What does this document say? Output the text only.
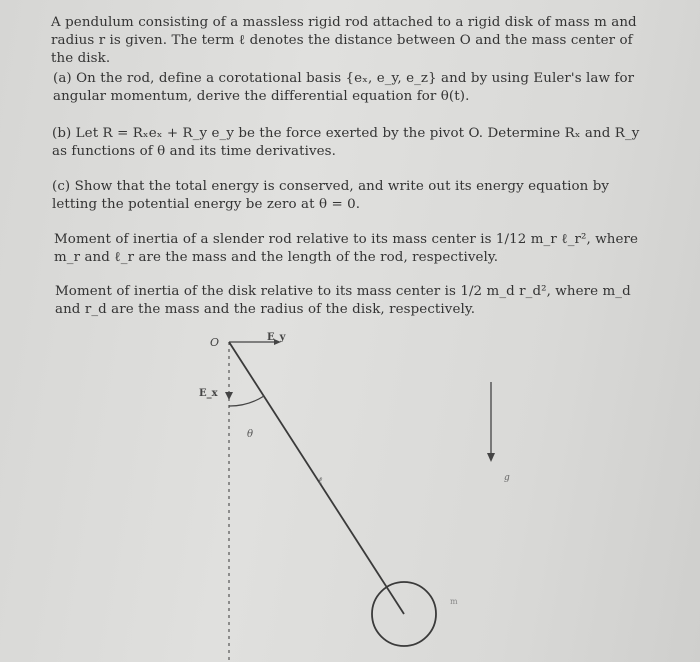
A pendulum consisting of a massless rigid rod attached to a rigid disk of mass m and radius r is given. The term ℓ denotes the distance between O and the mass center of the disk.

(a) On the rod, define a corotational basis {eₓ, e_y, e_z} and by using Euler's law for angular momentum, derive the differential equation for θ(t).

(b) Let R = Rₓeₓ + R_y e_y be the force exerted by the pivot O. Determine Rₓ and R_y as functions of θ and its time derivatives.

(c) Show that the total energy is conserved, and write out its energy equation by letting the potential energy be zero at θ = 0.

Moment of inertia of a slender rod relative to its mass center is 1/12 m_r ℓ_r², where m_r and ℓ_r are the mass and the length of the rod, respectively.

Moment of inertia of the disk relative to its mass center is 1/2 m_d r_d², where m_d and r_d are the mass and the radius of the disk, respectively.

O	E_y
E_x
θ
ℓ	g
m
